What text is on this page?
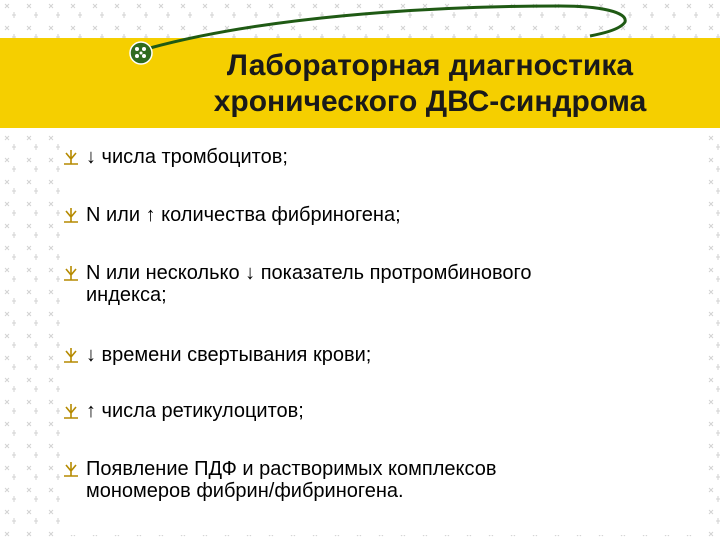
Лабораторная диагностика
хронического ДВС-синдрома
↓ числа тромбоцитов;
N или ↑ количества фибриногена;
N или несколько ↓ показатель протромбинового
индекса;
↓ времени свертывания крови;
↑ числа ретикулоцитов;
Появление ПДФ и растворимых комплексов
мономеров фибрин/фибриногена.
